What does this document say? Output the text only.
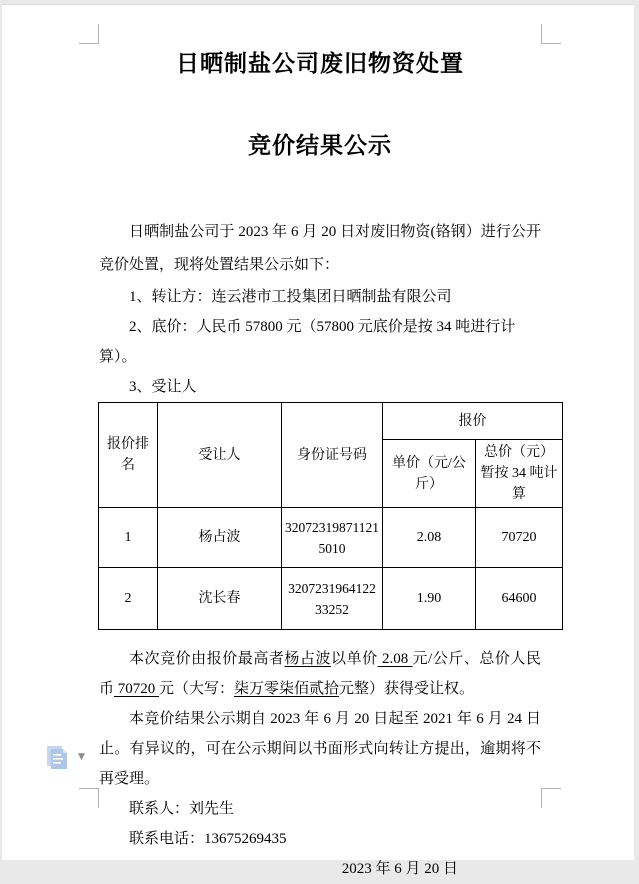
日晒制盐公司废旧物资处置
竞价结果公示

日晒制盐公司于 2023 年 6 月 20 日对废旧物资(铬钢）进行公开竞价处置，现将处置结果公示如下：

1、转让方：连云港市工投集团日晒制盐有限公司

2、底价：人民币 57800 元（57800 元底价是按 34 吨进行计算）。

3、受让人

报价排名	受让人	身份证号码	报价	
			单价（元/公斤）	总价（元）暂按 34 吨计算
1	杨占波	320723198711215010	2.08	70720
2	沈长春	320723196412233252	1.90	64600

本次竞价由报价最高者杨占波以单价 2.08 元/公斤、总价人民币 70720 元（大写：柒万零柒佰贰拾元整）获得受让权。

本竞价结果公示期自 2023 年 6 月 20 日起至 2021 年 6 月 24 日止。有异议的，可在公示期间以书面形式向转让方提出，逾期将不再受理。

联系人：刘先生

联系电话：13675269435

2023 年 6 月 20 日

▼
